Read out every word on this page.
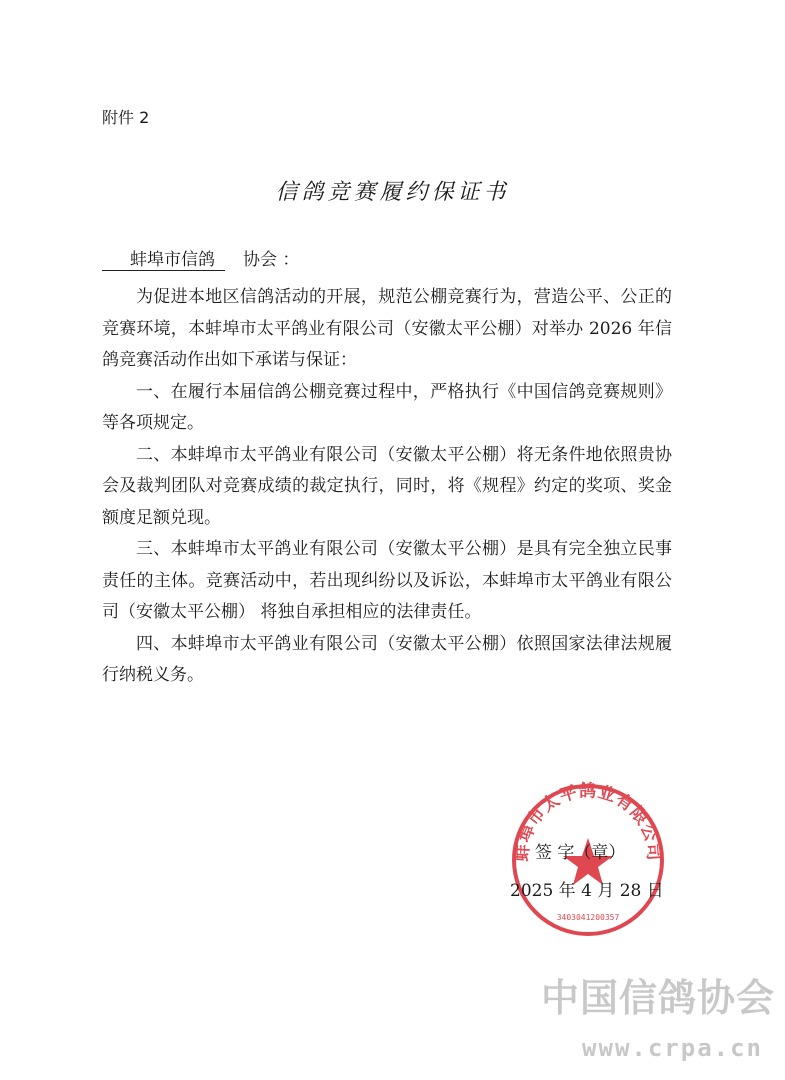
附件 2
信鸽竞赛履约保证书
蚌埠市信鸽 协会 ：

为促进本地区信鸽活动的开展，规范公棚竞赛行为，营造公平、公正的竞赛环境，本蚌埠市太平鸽业有限公司（安徽太平公棚）对举办 2026 年信鸽竞赛活动作出如下承诺与保证：

一、在履行本届信鸽公棚竞赛过程中，严格执行《中国信鸽竞赛规则》等各项规定。

二、本蚌埠市太平鸽业有限公司（安徽太平公棚）将无条件地依照贵协会及裁判团队对竞赛成绩的裁定执行，同时，将《规程》约定的奖项、奖金额度足额兑现。

三、本蚌埠市太平鸽业有限公司（安徽太平公棚）是具有完全独立民事责任的主体。竞赛活动中，若出现纠纷以及诉讼，本蚌埠市太平鸽业有限公司（安徽太平公棚） 将独自承担相应的法律责任。

四、本蚌埠市太平鸽业有限公司（安徽太平公棚）依照国家法律法规履行纳税义务。

蚌埠市太平鸽业有限公司
3403041200357
签 字（章）
2025 年 4 月 28 日
中国信鸽协会
www.crpa.cn
